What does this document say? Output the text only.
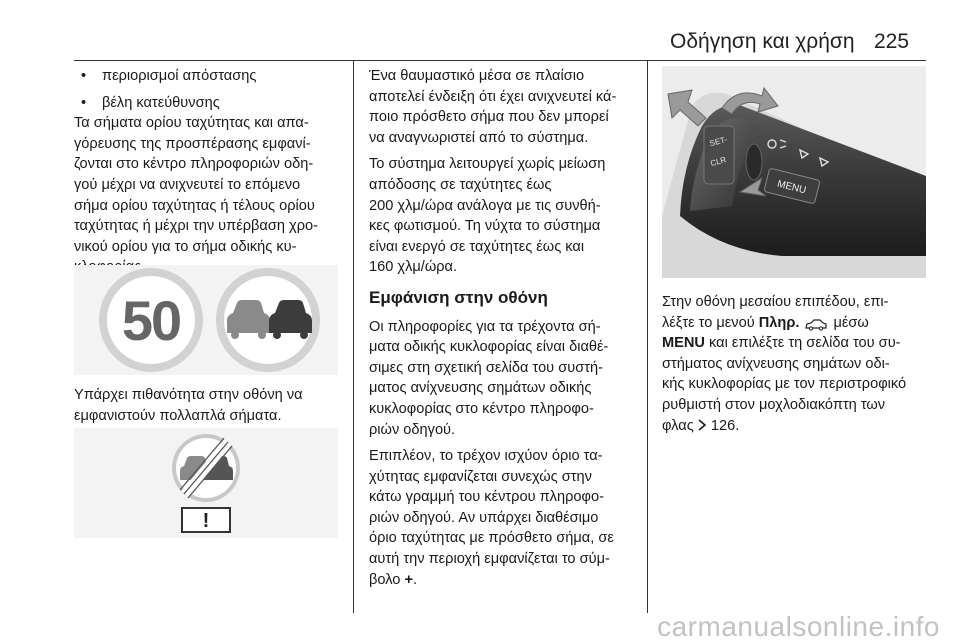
Οδήγηση και χρήση 225

• περιορισμοί απόστασης

• βέλη κατεύθυνσης

Τα σήματα ορίου ταχύτητας και απα-
γόρευσης της προσπέρασης εμφανί-
ζονται στο κέντρο πληροφοριών οδη-
γού μέχρι να ανιχνευτεί το επόμενο
σήμα ορίου ταχύτητας ή τέλους ορίου
ταχύτητας ή μέχρι την υπέρβαση χρο-
νικού ορίου για το σήμα οδικής κυ-
50
Υπάρχει πιθανότητα στην οθόνη να
εμφανιστούν πολλαπλά σήματα.
!
Ένα θαυμαστικό μέσα σε πλαίσιο
αποτελεί ένδειξη ότι έχει ανιχνευτεί κά-
ποιο πρόσθετο σήμα που δεν μπορεί
να αναγνωριστεί από το σύστημα.
Το σύστημα λειτουργεί χωρίς μείωση
απόδοσης σε ταχύτητες έως
200 χλμ/ώρα ανάλογα με τις συνθή-
κες φωτισμού. Τη νύχτα το σύστημα
είναι ενεργό σε ταχύτητες έως και
160 χλμ/ώρα.

Εμφάνιση στην οθόνη

Οι πληροφορίες για τα τρέχοντα σή-
ματα οδικής κυκλοφορίας είναι διαθέ-
σιμες στη σχετική σελίδα του συστή-
ματος ανίχνευσης σημάτων οδικής
κυκλοφορίας στο κέντρο πληροφο-
ριών οδηγού.
Επιπλέον, το τρέχον ισχύον όριο τα-
χύτητας εμφανίζεται συνεχώς στην
κάτω γραμμή του κέντρου πληροφο-
ριών οδηγού. Αν υπάρχει διαθέσιμο
όριο ταχύτητας με πρόσθετο σήμα, σε
αυτή την περιοχή εμφανίζεται το σύμ-
βολο +.
SET-
CLR
MENU
Στην οθόνη μεσαίου επιπέδου, επι-
λέξτε το μενού Πληρ. μέσω
MENU και επιλέξτε τη σελίδα του συ-
στήματος ανίχνευσης σημάτων οδι-
κής κυκλοφορίας με τον περιστροφικό
ρυθμιστή στον μοχλοδιακόπτη των
φλας  126.
carmanualsonline.info
